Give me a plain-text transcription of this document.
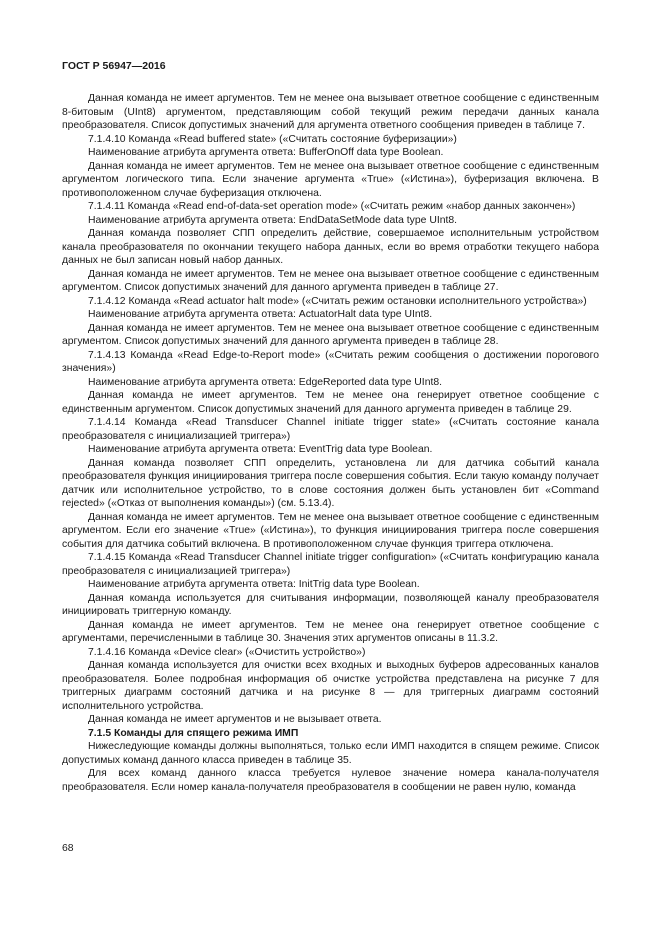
ГОСТ Р 56947—2016

Данная команда не имеет аргументов. Тем не менее она вызывает ответное сообщение с единственным 8-битовым (UInt8) аргументом, представляющим собой текущий режим передачи данных канала преобразователя. Список допустимых значений для аргумента ответного сообщения приведен в таблице 7.

7.1.4.10 Команда «Read buffered state» («Считать состояние буферизации»)

Наименование атрибута аргумента ответа: BufferOnOff data type Boolean.

Данная команда не имеет аргументов. Тем не менее она вызывает ответное сообщение с единственным аргументом логического типа. Если значение аргумента «True» («Истина»), буферизация включена. В противоположенном случае буферизация отключена.

7.1.4.11 Команда «Read end-of-data-set operation mode» («Считать режим «набор данных закончен»)

Наименование атрибута аргумента ответа: EndDataSetMode data type UInt8.

Данная команда позволяет СПП определить действие, совершаемое исполнительным устройством канала преобразователя по окончании текущего набора данных, если во время отработки текущего набора данных не был записан новый набор данных.

Данная команда не имеет аргументов. Тем не менее она вызывает ответное сообщение с единственным аргументом. Список допустимых значений для данного аргумента приведен в таблице 27.

7.1.4.12 Команда «Read actuator halt mode» («Считать режим остановки исполнительного устройства»)

Наименование атрибута аргумента ответа: ActuatorHalt data type UInt8.

Данная команда не имеет аргументов. Тем не менее она вызывает ответное сообщение с единственным аргументом. Список допустимых значений для данного аргумента приведен в таблице 28.

7.1.4.13 Команда «Read Edge-to-Report mode» («Считать режим сообщения о достижении порогового значения»)

Наименование атрибута аргумента ответа: EdgeReported data type UInt8.

Данная команда не имеет аргументов. Тем не менее она генерирует ответное сообщение с единственным аргументом. Список допустимых значений для данного аргумента приведен в таблице 29.

7.1.4.14 Команда «Read Transducer Channel initiate trigger state» («Считать состояние канала преобразователя с инициализацией триггера»)

Наименование атрибута аргумента ответа: EventTrig data type Boolean.

Данная команда позволяет СПП определить, установлена ли для датчика событий канала преобразователя функция инициирования триггера после совершения события. Если такую команду получает датчик или исполнительное устройство, то в слове состояния должен быть установлен бит «Command rejected» («Отказ от выполнения команды») (см. 5.13.4).

Данная команда не имеет аргументов. Тем не менее она вызывает ответное сообщение с единственным аргументом. Если его значение «True» («Истина»), то функция инициирования триггера после совершения события для датчика событий включена. В противоположенном случае функция триггера отключена.

7.1.4.15 Команда «Read Transducer Channel initiate trigger configuration» («Считать конфигурацию канала преобразователя с инициализацией триггера»)

Наименование атрибута аргумента ответа: InitTrig data type Boolean.

Данная команда используется для считывания информации, позволяющей каналу преобразователя инициировать триггерную команду.

Данная команда не имеет аргументов. Тем не менее она генерирует ответное сообщение с аргументами, перечисленными в таблице 30. Значения этих аргументов описаны в 11.3.2.

7.1.4.16 Команда «Device clear» («Очистить устройство»)

Данная команда используется для очистки всех входных и выходных буферов адресованных каналов преобразователя. Более подробная информация об очистке устройства представлена на рисунке 7 для триггерных диаграмм состояний датчика и на рисунке 8 — для триггерных диаграмм состояний исполнительного устройства.

Данная команда не имеет аргументов и не вызывает ответа.

7.1.5 Команды для спящего режима ИМП

Нижеследующие команды должны выполняться, только если ИМП находится в спящем режиме. Список допустимых команд данного класса приведен в таблице 35.

Для всех команд данного класса требуется нулевое значение номера канала-получателя преобразователя. Если номер канала-получателя преобразователя в сообщении не равен нулю, команда

68
